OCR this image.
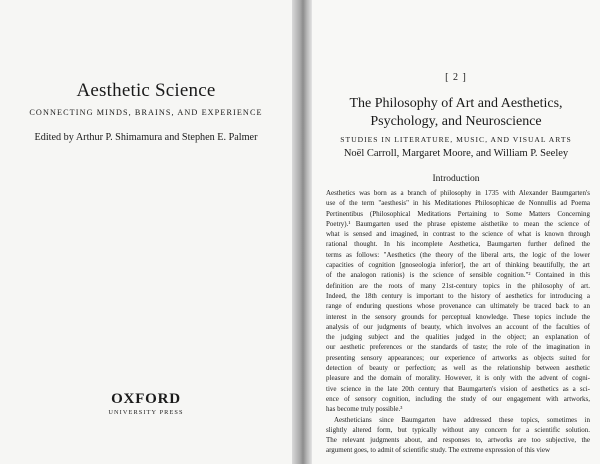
Aesthetic Science
CONNECTING MINDS, BRAINS, AND EXPERIENCE
Edited by Arthur P. Shimamura and Stephen E. Palmer
OXFORD
UNIVERSITY PRESS
[ 2 ]
The Philosophy of Art and Aesthetics,
Psychology, and Neuroscience
STUDIES IN LITERATURE, MUSIC, AND VISUAL ARTS
Noël Carroll, Margaret Moore, and William P. Seeley
Introduction
Aesthetics was born as a branch of philosophy in 1735 with Alexander Baumgarten's
use of the term "aesthesis" in his Meditationes Philosophicae de Nonnullis ad Poema
Pertinentibus (Philosophical Meditations Pertaining to Some Matters Concerning
Poetry).¹ Baumgarten used the phrase episteme aisthetike to mean the science of
what is sensed and imagined, in contrast to the science of what is known through
rational thought. In his incomplete Aesthetica, Baumgarten further defined the
terms as follows: "Aesthetics (the theory of the liberal arts, the logic of the lower
capacities of cognition [gnoseologia inferior], the art of thinking beautifully, the art
of the analogon rationis) is the science of sensible cognition."² Contained in this
definition are the roots of many 21st-century topics in the philosophy of art.
Indeed, the 18th century is important to the history of aesthetics for introducing a
range of enduring questions whose provenance can ultimately be traced back to an
interest in the sensory grounds for perceptual knowledge. These topics include the
analysis of our judgments of beauty, which involves an account of the faculties of
the judging subject and the qualities judged in the object; an explanation of
our aesthetic preferences or the standards of taste; the role of the imagination in
presenting sensory appearances; our experience of artworks as objects suited for
detection of beauty or perfection; as well as the relationship between aesthetic
pleasure and the domain of morality. However, it is only with the advent of cogni-
tive science in the late 20th century that Baumgarten's vision of aesthetics as a sci-
ence of sensory cognition, including the study of our engagement with artworks,
has become truly possible.³
Aestheticians since Baumgarten have addressed these topics, sometimes in
slightly altered form, but typically without any concern for a scientific solution.
The relevant judgments about, and responses to, artworks are too subjective, the
argument goes, to admit of scientific study. The extreme expression of this view
